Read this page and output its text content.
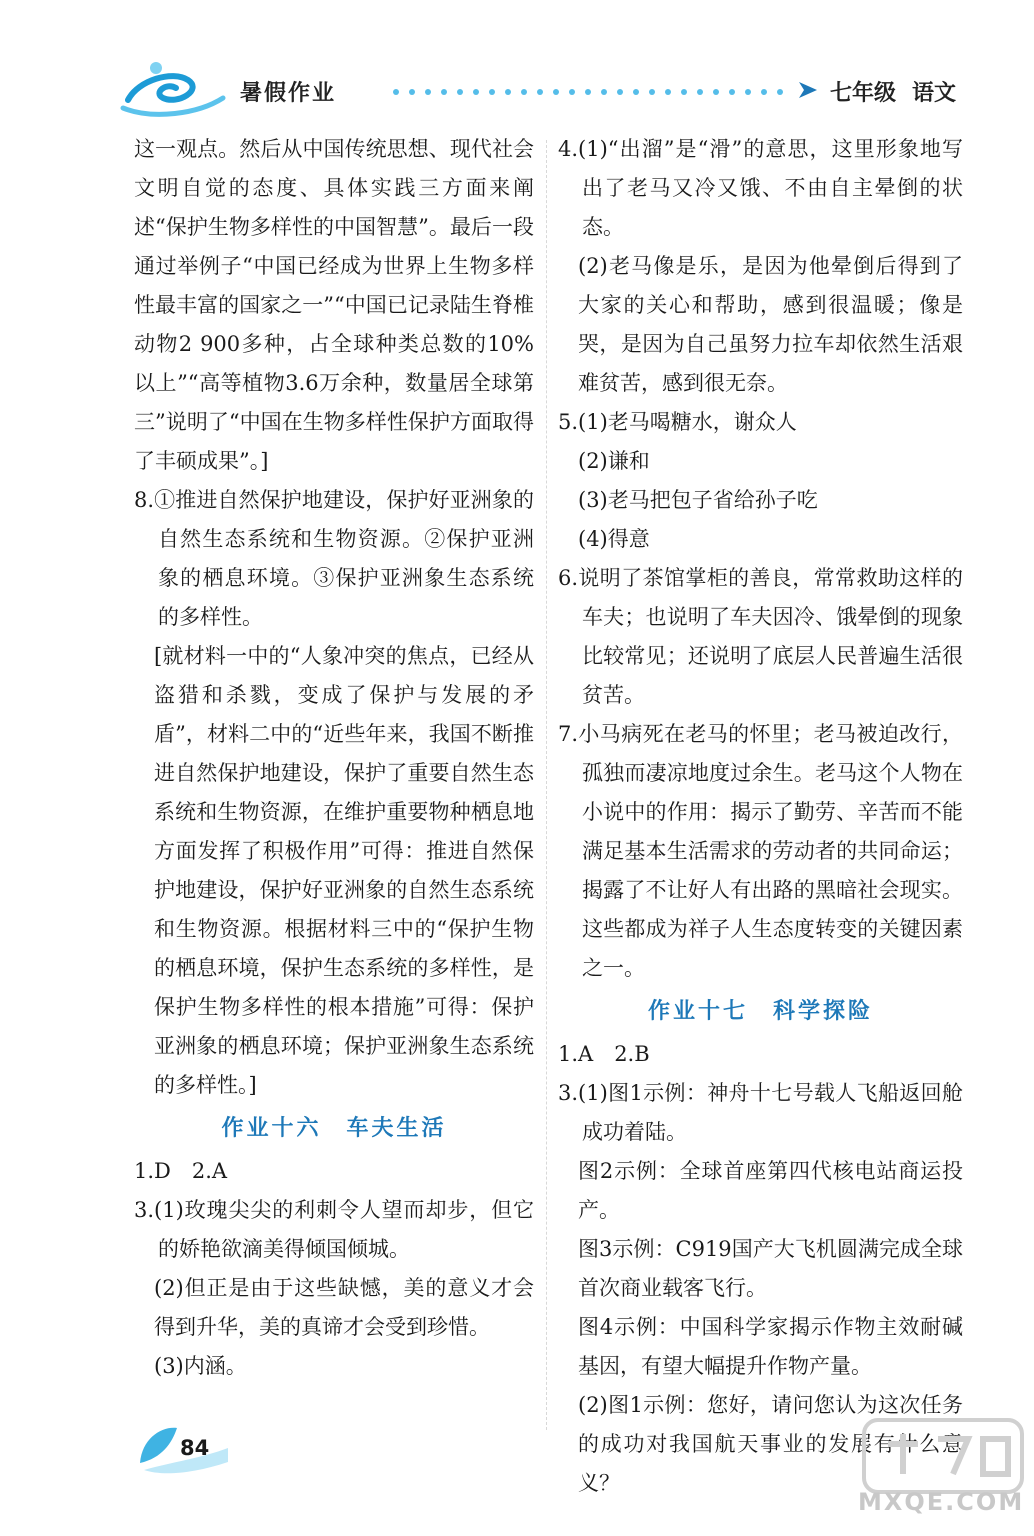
暑假作业	七年级 语文

这一观点。然后从中国传统思想、现代社会文明自觉的态度、具体实践三方面来阐述“保护生物多样性的中国智慧”。最后一段通过举例子“中国已经成为世界上生物多样性最丰富的国家之一”“中国已记录陆生脊椎动物2 900多种，占全球种类总数的10%以上”“高等植物3.6万余种，数量居全球第三”说明了“中国在生物多样性保护方面取得了丰硕成果”。]

8.①推进自然保护地建设，保护好亚洲象的自然生态系统和生物资源。②保护亚洲象的栖息环境。③保护亚洲象生态系统的多样性。

[就材料一中的“人象冲突的焦点，已经从盗猎和杀戮，变成了保护与发展的矛盾”，材料二中的“近些年来，我国不断推进自然保护地建设，保护了重要自然生态系统和生物资源，在维护重要物种栖息地方面发挥了积极作用”可得：推进自然保护地建设，保护好亚洲象的自然生态系统和生物资源。根据材料三中的“保护生物的栖息环境，保护生态系统的多样性，是保护生物多样性的根本措施”可得：保护亚洲象的栖息环境；保护亚洲象生态系统的多样性。]

作业十六　车夫生活

1.D　2.A

3.(1)玫瑰尖尖的利刺令人望而却步，但它的娇艳欲滴美得倾国倾城。

(2)但正是由于这些缺憾，美的意义才会得到升华，美的真谛才会受到珍惜。

(3)内涵。

4.(1)“出溜”是“滑”的意思，这里形象地写出了老马又冷又饿、不由自主晕倒的状态。

(2)老马像是乐，是因为他晕倒后得到了大家的关心和帮助，感到很温暖；像是哭，是因为自己虽努力拉车却依然生活艰难贫苦，感到很无奈。

5.(1)老马喝糖水，谢众人

(2)谦和

(3)老马把包子省给孙子吃

(4)得意

6.说明了茶馆掌柜的善良，常常救助这样的车夫；也说明了车夫因冷、饿晕倒的现象比较常见；还说明了底层人民普遍生活很贫苦。

7.小马病死在老马的怀里；老马被迫改行，孤独而凄凉地度过余生。老马这个人物在小说中的作用：揭示了勤劳、辛苦而不能满足基本生活需求的劳动者的共同命运；揭露了不让好人有出路的黑暗社会现实。这些都成为祥子人生态度转变的关键因素之一。

作业十七　科学探险

1.A　2.B

3.(1)图1示例：神舟十七号载人飞船返回舱成功着陆。

图2示例：全球首座第四代核电站商运投产。

图3示例：C919国产大飞机圆满完成全球首次商业载客飞行。

图4示例：中国科学家揭示作物主效耐碱基因，有望大幅提升作物产量。

(2)图1示例：您好，请问您认为这次任务的成功对我国航天事业的发展有什么意义？

84
MXQE.COM
